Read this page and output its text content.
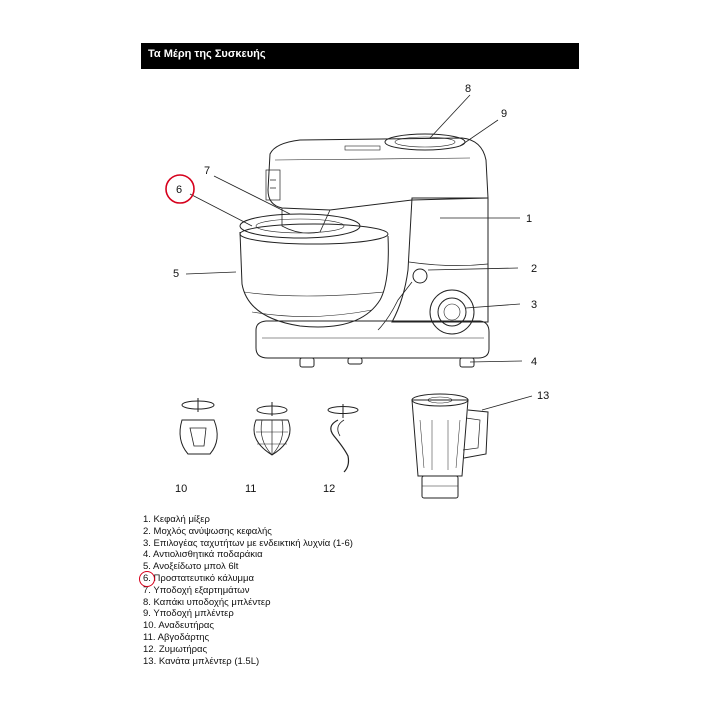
Τα Μέρη της Συσκευής
1
2
3
4
5
6
7
8
9
10	11	12
13
1. Κεφαλή μίξερ
2. Μοχλός ανύψωσης κεφαλής
3. Επιλογέας ταχυτήτων με ενδεικτική λυχνία (1-6)
4. Αντιολισθητικά ποδαράκια
5. Ανοξείδωτο μπολ 6lt
6. Προστατευτικό κάλυμμα
7. Υποδοχή εξαρτημάτων
8. Καπάκι υποδοχής μπλέντερ
9. Υποδοχή μπλέντερ
10. Αναδευτήρας
11. Αβγοδάρτης
12. Ζυμωτήρας
13. Κανάτα μπλέντερ (1.5L)
